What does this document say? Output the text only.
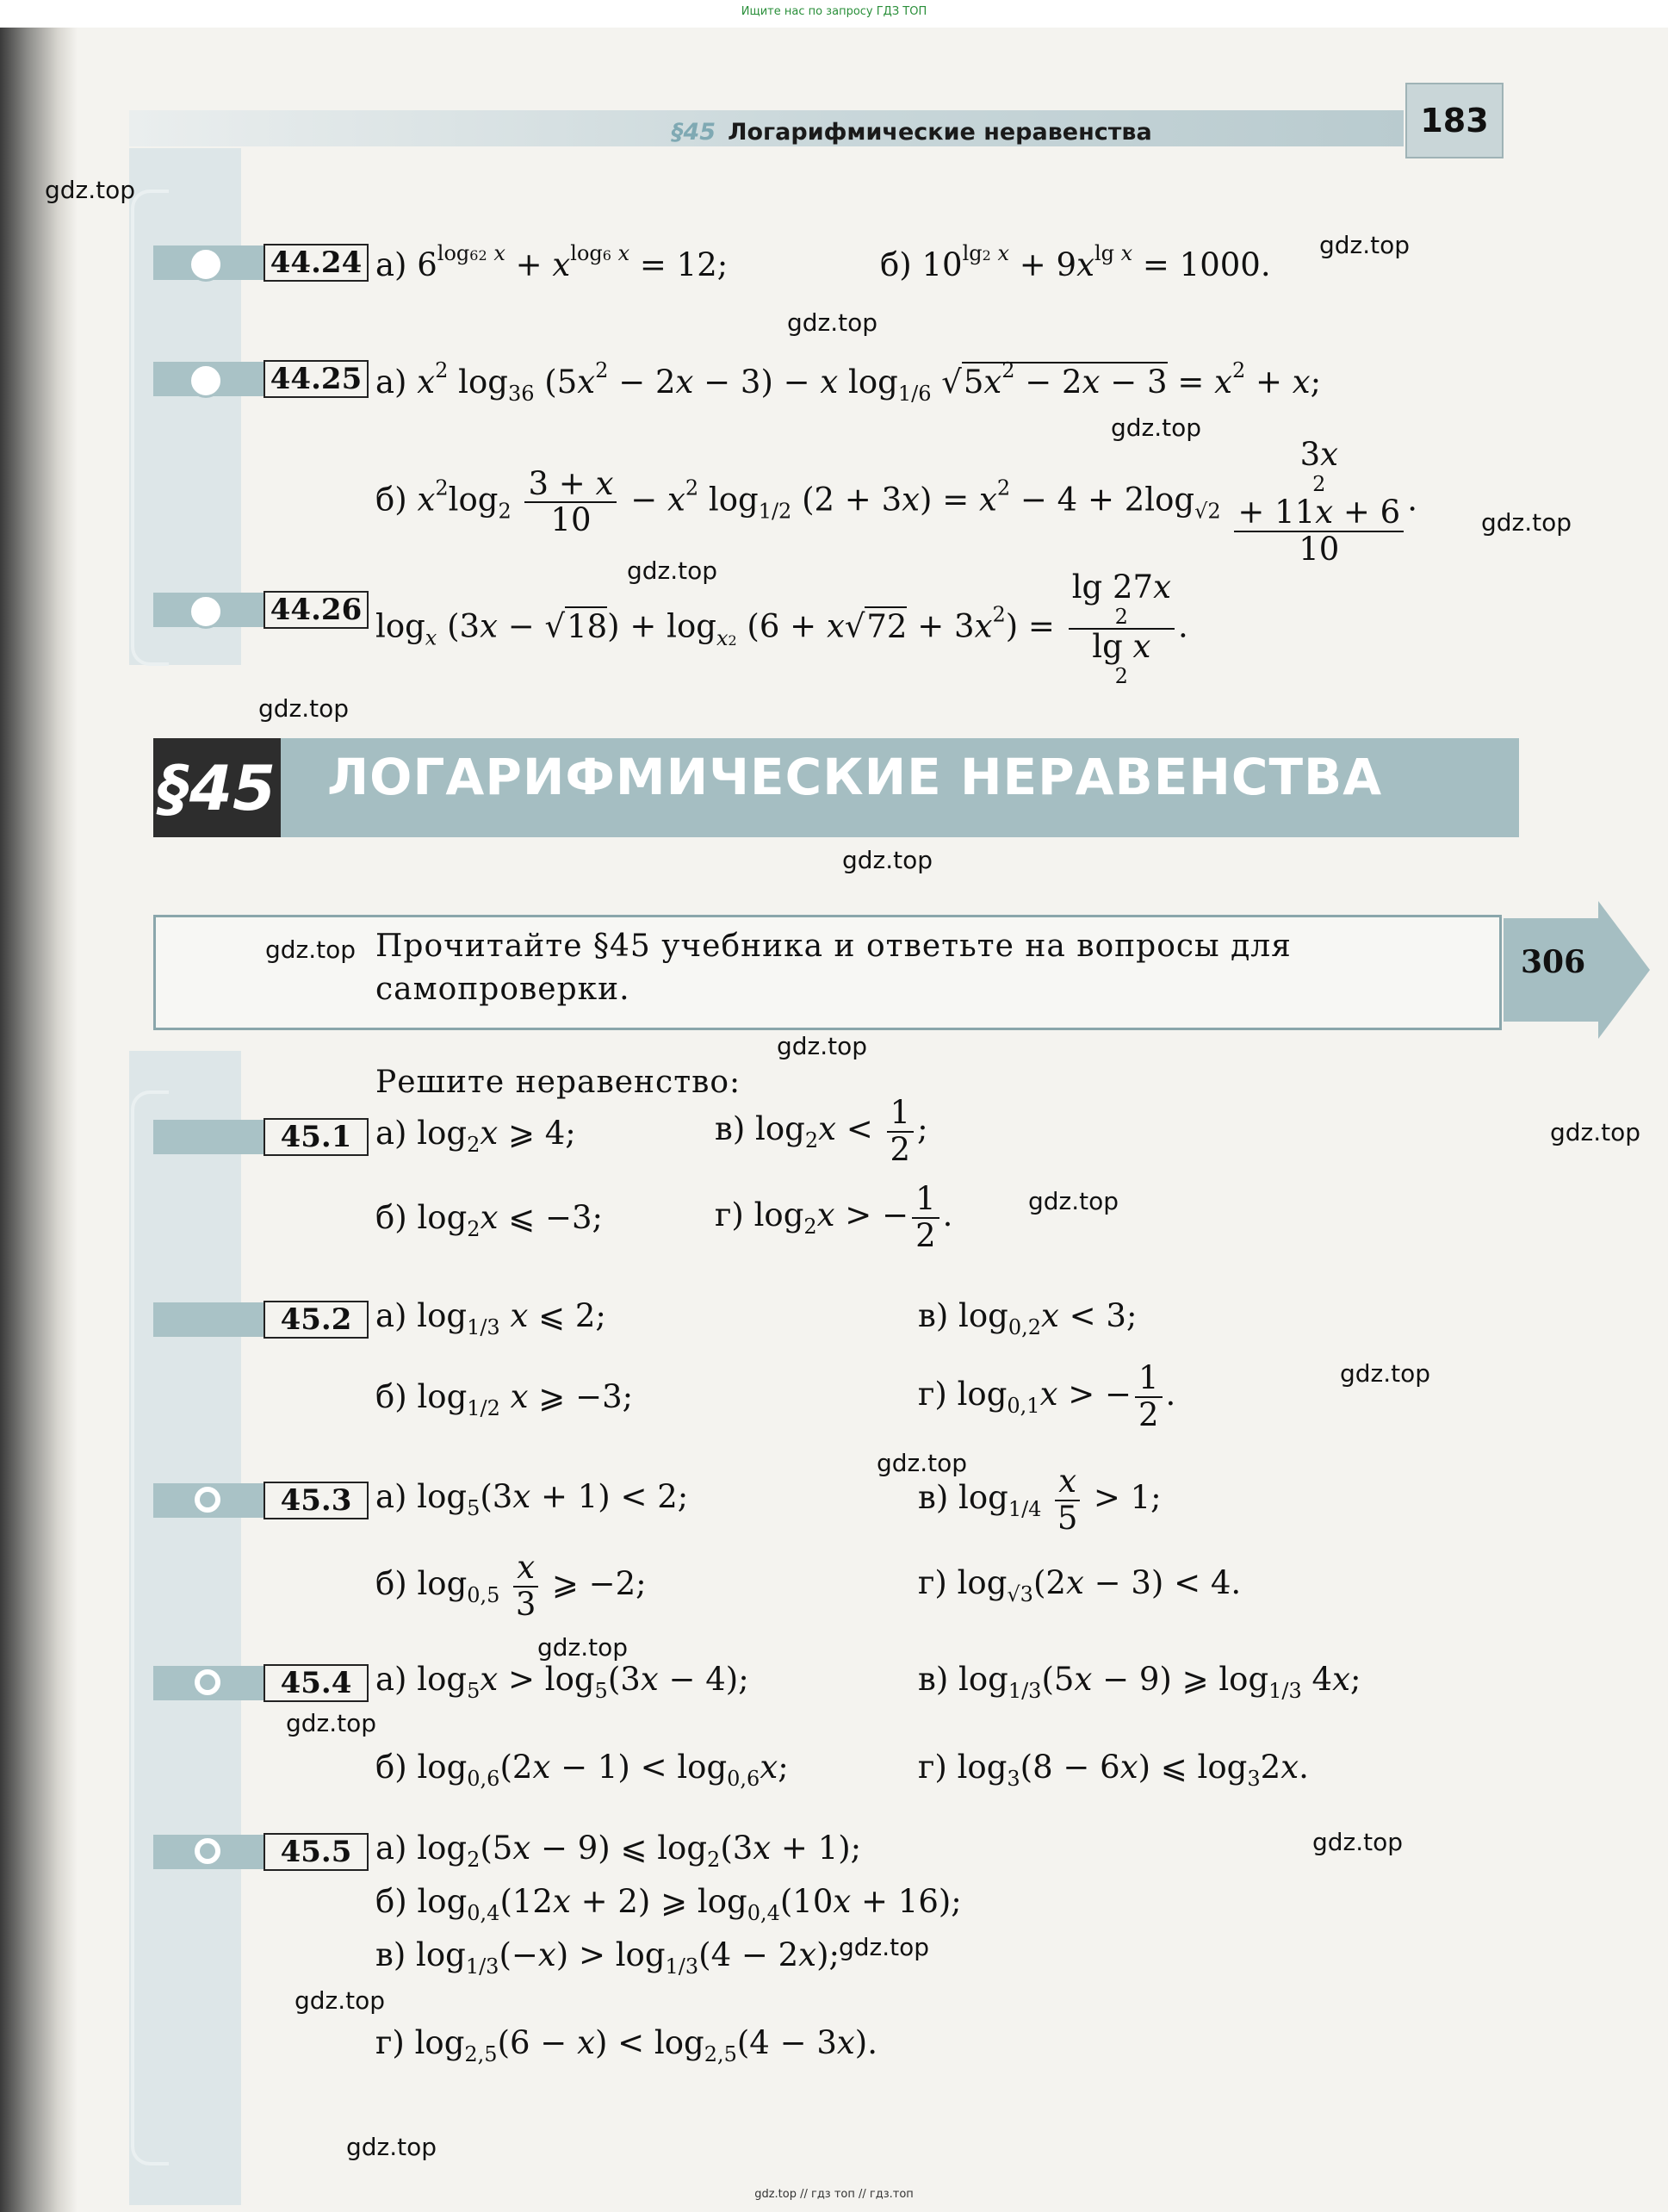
Ищите нас по запросу ГДЗ ТОП
§45 Логарифмические неравенства	183
44.24 а) $6^{log62 x} + x^{log6 x} = 12$;	б) $10^{lg2 x} + 9x^{lg x} = 1000$.
44.25 а) $x^2$ $\log_{36} (5x^2 - 2x - 3) - x$ $\log_{1/6} √5x^2 - 2x - 3 = x^2 + x$;
б) $x^2\log_2 \frac{3 + x}{10} - x^2$ $\log_{1/2} (2 + 3x) = x^2 - 4 + 2\log_{√2}$ 3x
2
+ 11x + 6
10 .
44.26 $\log_x (3x - √18) + \log_{x2} (6 + x√72 + 3x^2) = \lg 27x$
2
lg x
2 .
§45 ЛОГАРИФМИЧЕСКИЕ НЕРАВЕНСТВА
Прочитайте §45 учебника и ответьте на вопросы для самопроверки.
306
Решите неравенство:
45.1 а) $\log_2x$ ⩾ 4;	в) $\log_2x < \frac{1}{2}$ ;
б) $\log_2x$ ⩽ −3;	г) $\log_2x$ > − $\frac{1}{2}$ .
45.2 а) $\log_{1/3} x$ ⩽ 2;	в) $\log_{0,2}x < 3$;
б) $\log_{1/2} x$ ⩾ −3;	г) $\log_{0,1}x$ > − $\frac{1}{2}$ .
45.3 а) $\log_5(3x + 1) < 2$;	в) $\log_{1/4} \frac{x}{5} > 1$;
б) $\log_{0,5} \frac{x}{3}$ ⩾ −2;	г) $\log_{√3}(2x - 3) < 4$.
45.4 а) $\log_5x > \log_5(3x - 4)$;	в) $\log_{1/3}(5x - 9)$ ⩾ $\log_{1/3} 4x$;
б) $\log_{0,6}(2x - 1) < \log_{0,6}x$;	г) $\log_3(8 - 6x)$ ⩽ $\log_32x$.
45.5 а) $\log_2(5x - 9)$ ⩽ $\log_2(3x + 1)$;
б) $\log_{0,4}(12x + 2)$ ⩾ $\log_{0,4}(10x + 16)$;
в) $\log_{1/3}(-x) > \log_{1/3}(4 - 2x)$;
г) $\log_{2,5}(6 - x) < \log_{2,5}(4 - 3x)$.
gdz.top
gdz.top
gdz.top
gdz.top
gdz.top
gdz.top
gdz.top
gdz.top
gdz.top
gdz.top
gdz.top
gdz.top
gdz.top
gdz.top
gdz.top
gdz.top
gdz.top
gdz.top
gdz.top
gdz.top
gdz.top // гдз топ // гдз.топ
